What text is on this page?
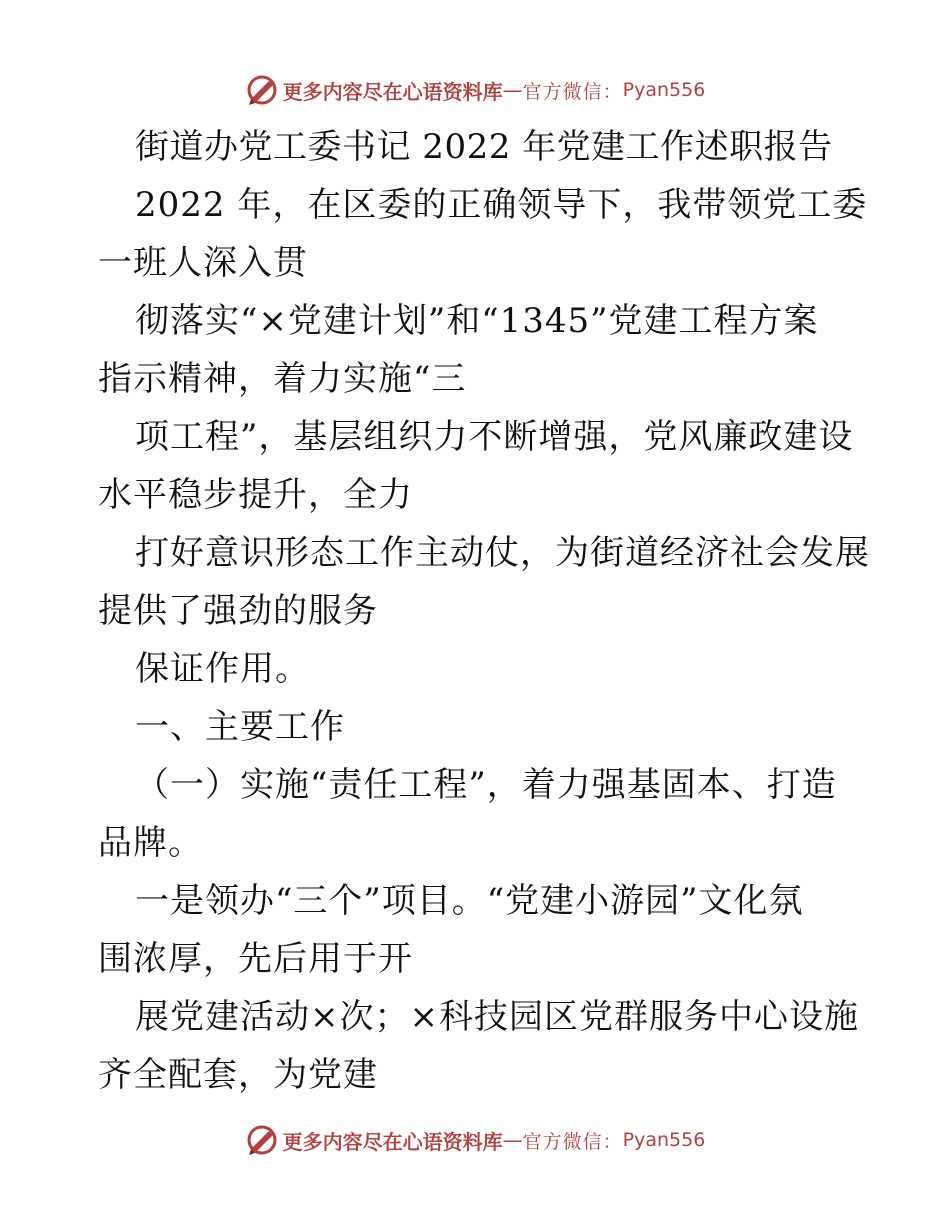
更多内容尽在心语资料库 — 官方微信： Pyan556
街道办党工委书记 2022 年党建工作述职报告
2022 年，在区委的正确领导下，我带领党工委
一班人深入贯
彻落实“×党建计划”和“1345”党建工程方案
指示精神，着力实施“三
项工程”，基层组织力不断增强，党风廉政建设
水平稳步提升，全力
打好意识形态工作主动仗，为街道经济社会发展
提供了强劲的服务
保证作用。
一、主要工作
（一）实施“责任工程”，着力强基固本、打造
品牌。
一是领办“三个”项目。“党建小游园”文化氛
围浓厚，先后用于开
展党建活动×次；×科技园区党群服务中心设施
齐全配套，为党建
更多内容尽在心语资料库 — 官方微信： Pyan556
